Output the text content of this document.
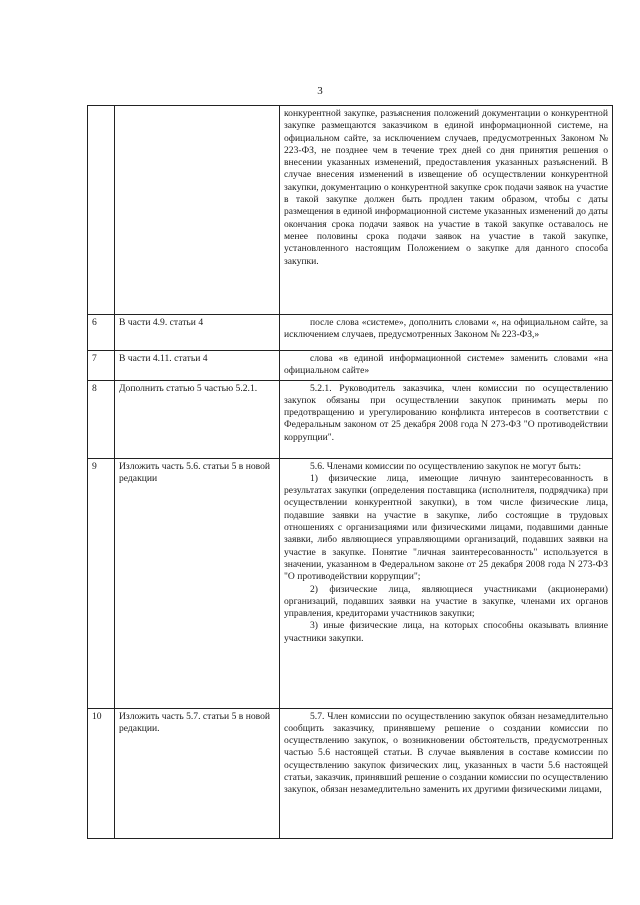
3
		конкурентной закупке, разъяснения положений документации о конкурентной закупке размещаются заказчиком в единой информационной системе, на официальном сайте, за исключением случаев, предусмотренных Законом № 223-ФЗ, не позднее чем в течение трех дней со дня принятия решения о внесении указанных изменений, предоставления указанных разъяснений. В случае внесения изменений в извещение об осуществлении конкурентной закупки, документацию о конкурентной закупке срок подачи заявок на участие в такой закупке должен быть продлен таким образом, чтобы с даты размещения в единой информационной системе указанных изменений до даты окончания срока подачи заявок на участие в такой закупке оставалось не менее половины срока подачи заявок на участие в такой закупке, установленного настоящим Положением о закупке для данного способа закупки.
6	В части 4.9. статьи 4	после слова «системе», дополнить словами «, на официальном сайте, за исключением случаев, предусмотренных Законом № 223-ФЗ,»
7	В части 4.11. статьи 4	слова «в единой информационной системе» заменить словами «на официальном сайте»
8	Дополнить статью 5 частью 5.2.1.	5.2.1. Руководитель заказчика, член комиссии по осуществлению закупок обязаны при осуществлении закупок принимать меры по предотвращению и урегулированию конфликта интересов в соответствии с Федеральным законом от 25 декабря 2008 года N 273-ФЗ "О противодействии коррупции".
9	Изложить часть 5.6. статьи 5 в новой редакции	5.6. Членами комиссии по осуществлению закупок не могут быть:
1) физические лица, имеющие личную заинтересованность в результатах закупки (определения поставщика (исполнителя, подрядчика) при осуществлении конкурентной закупки), в том числе физические лица, подавшие заявки на участие в закупке, либо состоящие в трудовых отношениях с организациями или физическими лицами, подавшими данные заявки, либо являющиеся управляющими организаций, подавших заявки на участие в закупке. Понятие "личная заинтересованность" используется в значении, указанном в Федеральном законе от 25 декабря 2008 года N 273-ФЗ "О противодействии коррупции";
2) физические лица, являющиеся участниками (акционерами) организаций, подавших заявки на участие в закупке, членами их органов управления, кредиторами участников закупки;
3) иные физические лица, на которых способны оказывать влияние участники закупки.

10	Изложить часть 5.7. статьи 5 в новой редакции.	5.7. Член комиссии по осуществлению закупок обязан незамедлительно сообщить заказчику, принявшему решение о создании комиссии по осуществлению закупок, о возникновении обстоятельств, предусмотренных частью 5.6 настоящей статьи. В случае выявления в составе комиссии по осуществлению закупок физических лиц, указанных в части 5.6 настоящей статьи, заказчик, принявший решение о создании комиссии по осуществлению закупок, обязан незамедлительно заменить их другими физическими лицами,
